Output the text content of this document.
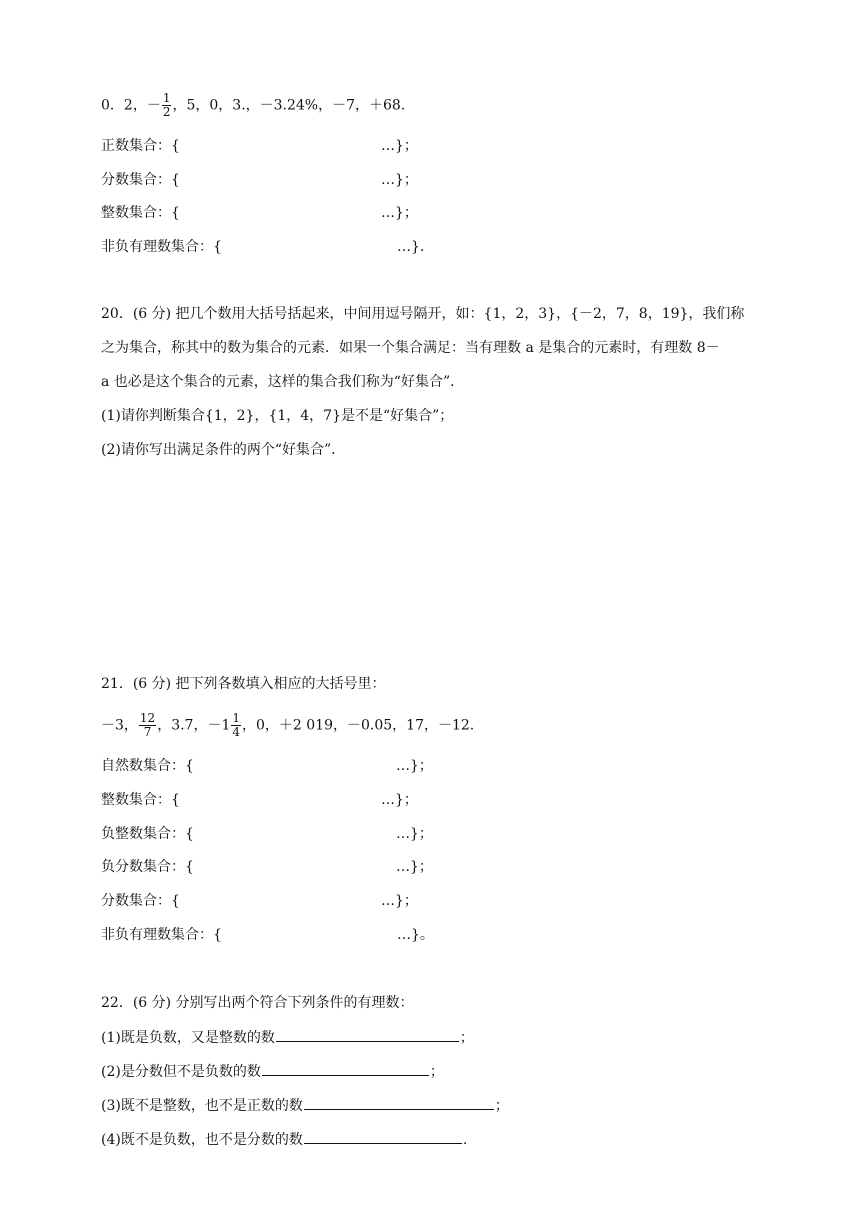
0．2，－ $\frac{1}{2}$ ，5，0，3.，－3.24%，－7，＋68.
正数集合：{	…}；
分数集合：{	…}；
整数集合：{	…}；
非负有理数集合：{	…}.
20．(6 分) 把几个数用大括号括起来，中间用逗号隔开，如：{1，2，3}，{－2，7，8，19}，我们称
之为集合，称其中的数为集合的元素．如果一个集合满足：当有理数 a 是集合的元素时，有理数 8－
a 也必是这个集合的元素，这样的集合我们称为“好集合”．
(1)请你判断集合{1，2}，{1，4，7}是不是“好集合”；
(2)请你写出满足条件的两个“好集合”．
21．(6 分) 把下列各数填入相应的大括号里：
－3， $\frac{12}{7}$ ，3.7，$-1 \frac{1}{4}$ ，0，＋2 019，－0.05，17，－12.
自然数集合：{	…}；
整数集合：{	…}；
负整数集合：{	…}；
负分数集合：{	…}；
分数集合：{	…}；
非负有理数集合：{	…}。
22．(6 分) 分别写出两个符合下列条件的有理数：
(1)既是负数，又是整数的数	；
(2)是分数但不是负数的数	；
(3)既不是整数，也不是正数的数	；
(4)既不是负数，也不是分数的数	.
